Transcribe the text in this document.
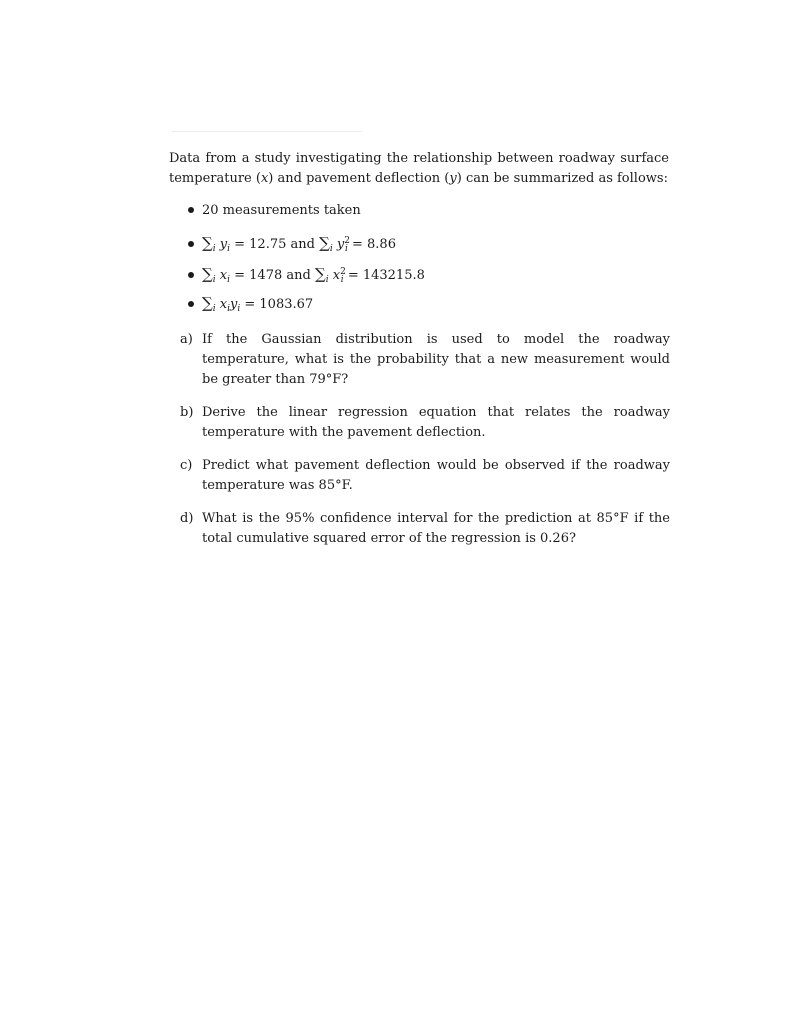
Data from a study investigating the relationship between roadway surface temperature (x) and pavement deflection (y) can be summarized as follows:

20 measurements taken
$\sum_i$ $y_i = 12.75$ and $\sum_i$ $y^2_i = 8.86$
$\sum_i$ $x_i = 1478$ and $\sum_i$ $x^2_i = 143215.8$
$\sum_i$ $x_iy_i = 1083.67$
a) If the Gaussian distribution is used to model the roadway temperature, what is the probability that a new measurement would be greater than 79°F?
b) Derive the linear regression equation that relates the roadway temperature with the pavement deflection.
c) Predict what pavement deflection would be observed if the roadway temperature was 85°F.
d) What is the 95% confidence interval for the prediction at 85°F if the total cumulative squared error of the regression is 0.26?
